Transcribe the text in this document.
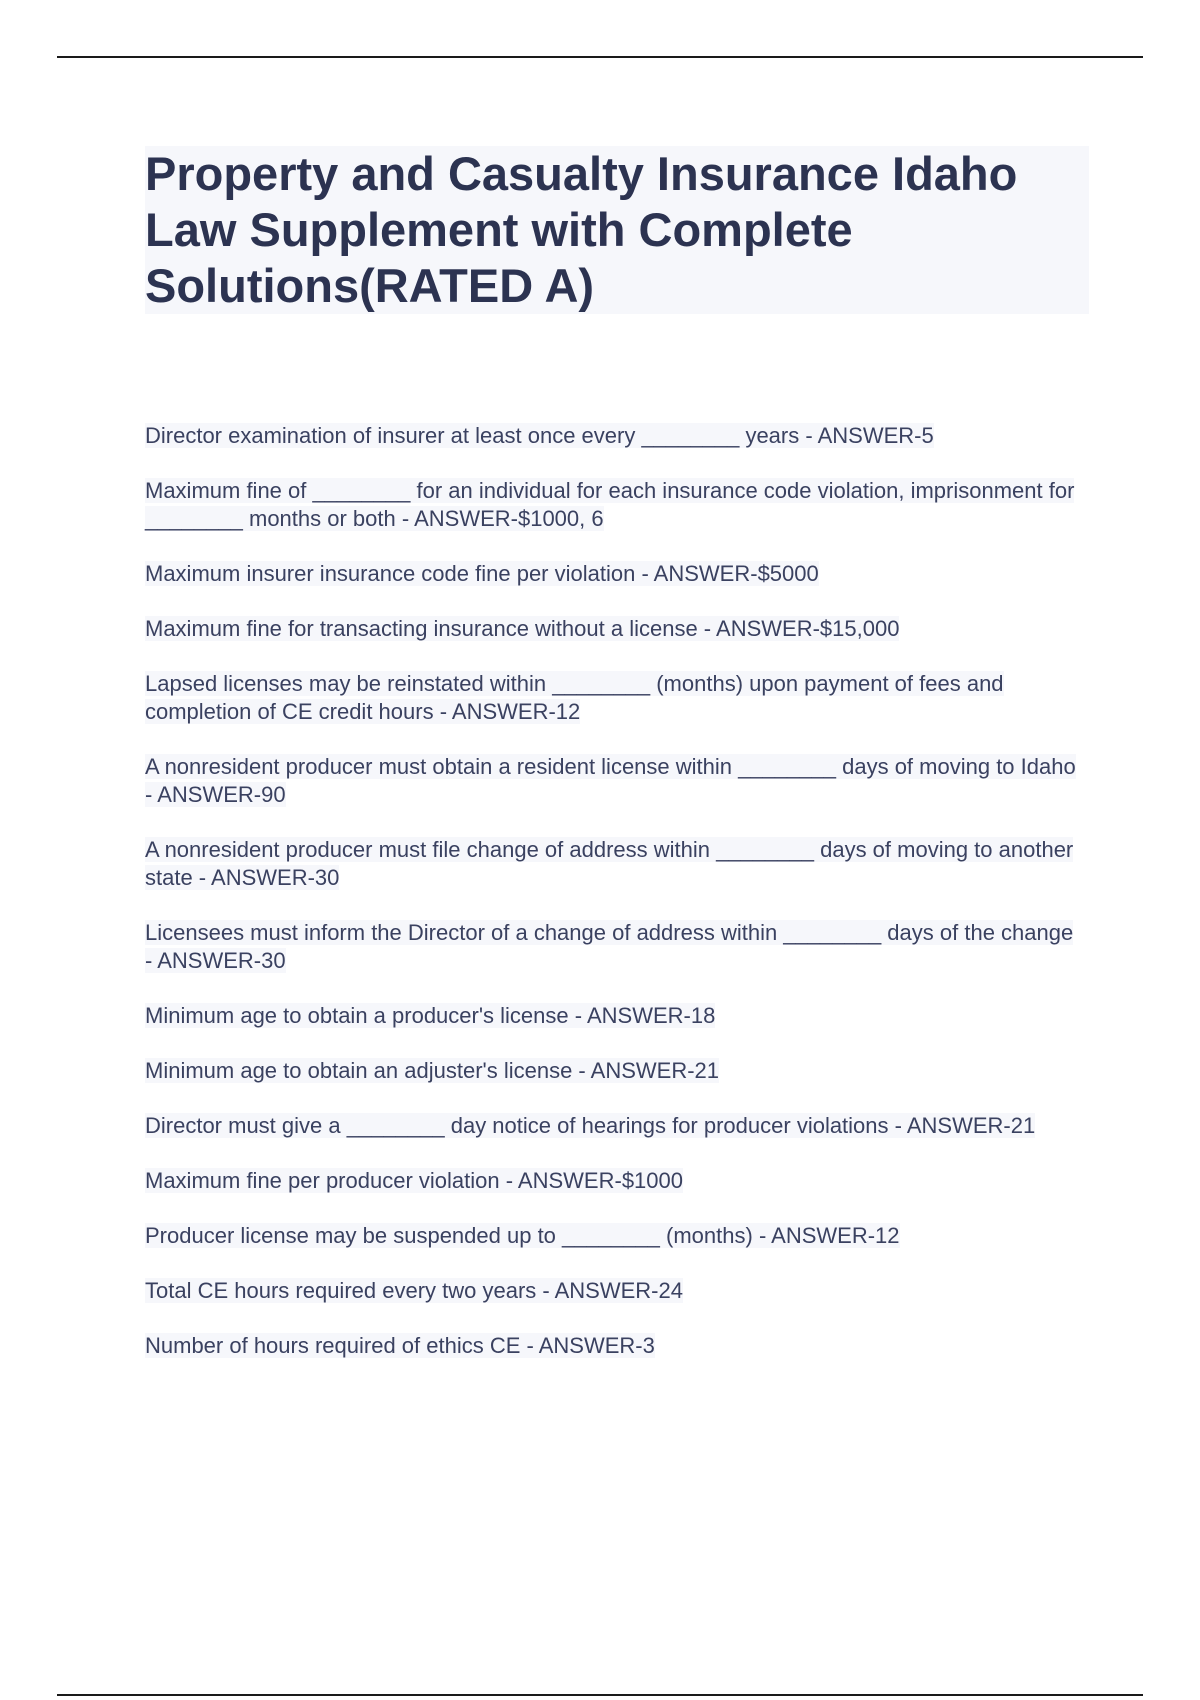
Property and Casualty Insurance Idaho
Law Supplement with Complete
Solutions(RATED A)
Director examination of insurer at least once every ________ years - ANSWER-5
Maximum fine of ________ for an individual for each insurance code violation, imprisonment for ________ months or both - ANSWER-$1000, 6
Maximum insurer insurance code fine per violation - ANSWER-$5000
Maximum fine for transacting insurance without a license - ANSWER-$15,000
Lapsed licenses may be reinstated within ________ (months) upon payment of fees and completion of CE credit hours - ANSWER-12
A nonresident producer must obtain a resident license within ________ days of moving to Idaho - ANSWER-90
A nonresident producer must file change of address within ________ days of moving to another state - ANSWER-30
Licensees must inform the Director of a change of address within ________ days of the change - ANSWER-30
Minimum age to obtain a producer's license - ANSWER-18
Minimum age to obtain an adjuster's license - ANSWER-21
Director must give a ________ day notice of hearings for producer violations - ANSWER-21
Maximum fine per producer violation - ANSWER-$1000
Producer license may be suspended up to ________ (months) - ANSWER-12
Total CE hours required every two years - ANSWER-24
Number of hours required of ethics CE - ANSWER-3
